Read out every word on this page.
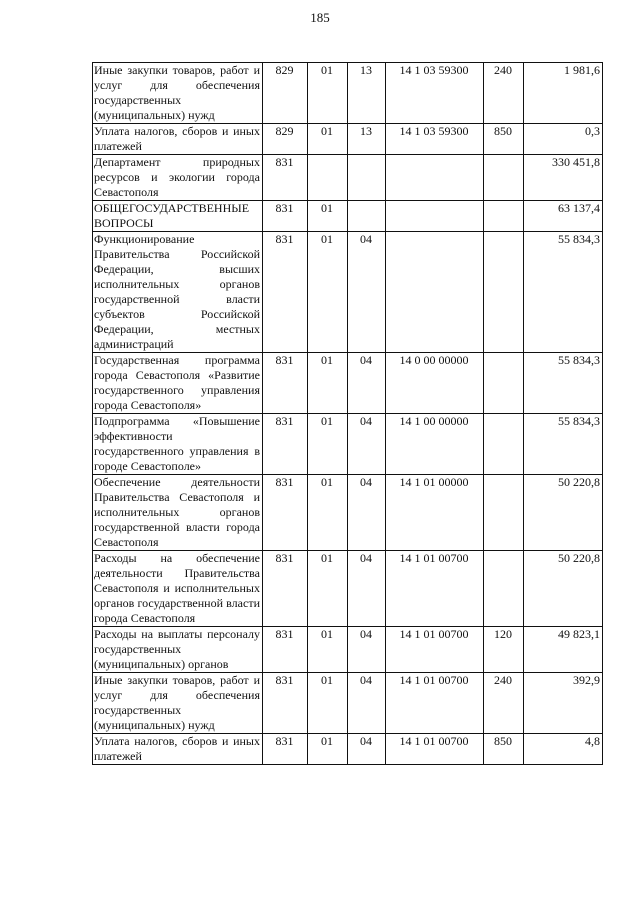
185
Иные закупки товаров, работ и услуг для обеспечения государственных (муниципальных) нужд	829	01	13	14 1 03 59300	240	1 981,6
Уплата налогов, сборов и иных платежей	829	01	13	14 1 03 59300	850	0,3
Департамент природных ресурсов и экологии города Севастополя	831					330 451,8
ОБЩЕГОСУДАРСТВЕННЫЕ ВОПРОСЫ	831	01				63 137,4
Функционирование Правительства Российской Федерации, высших исполнительных органов государственной власти субъектов Российской Федерации, местных администраций	831	01	04			55 834,3
Государственная программа города Севастополя «Развитие государственного управления города Севастополя»	831	01	04	14 0 00 00000		55 834,3
Подпрограмма «Повышение эффективности государственного управления в городе Севастополе»	831	01	04	14 1 00 00000		55 834,3
Обеспечение деятельности Правительства Севастополя и исполнительных органов государственной власти города Севастополя	831	01	04	14 1 01 00000		50 220,8
Расходы на обеспечение деятельности Правительства Севастополя и исполнительных органов государственной власти города Севастополя	831	01	04	14 1 01 00700		50 220,8
Расходы на выплаты персоналу государственных (муниципальных) органов	831	01	04	14 1 01 00700	120	49 823,1
Иные закупки товаров, работ и услуг для обеспечения государственных (муниципальных) нужд	831	01	04	14 1 01 00700	240	392,9
Уплата налогов, сборов и иных платежей	831	01	04	14 1 01 00700	850	4,8
